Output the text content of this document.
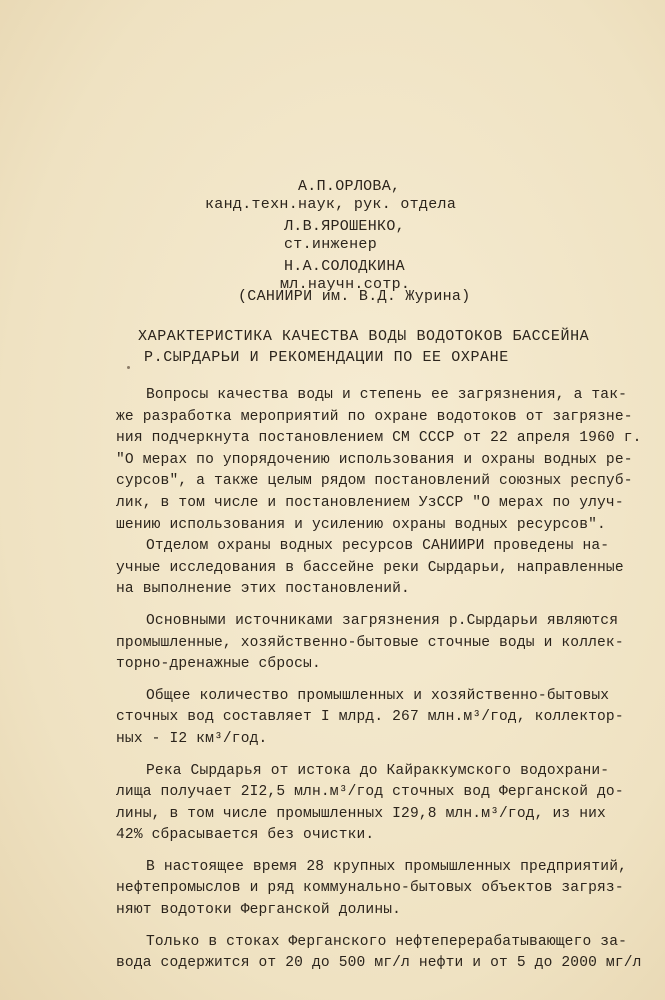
А.П.ОРЛОВА,
канд.техн.наук, рук. отдела
Л.В.ЯРОШЕНКО,
ст.инженер
Н.А.СОЛОДКИНА
мл.научн.сотр.
(САНИИРИ им. В.Д. Журина)
ХАРАКТЕРИСТИКА КАЧЕСТВА ВОДЫ ВОДОТОКОВ БАССЕЙНА
Р.СЫРДАРЬИ И РЕКОМЕНДАЦИИ ПО ЕЕ ОХРАНЕ
Вопросы качества воды и степень ее загрязнения, а так-
же разработка мероприятий по охране водотоков от загрязне-
ния подчеркнута постановлением СМ СССР от 22 апреля 1960 г.
"О мерах по упорядочению использования и охраны водных ре-
сурсов", а также целым рядом постановлений союзных респуб-
лик, в том числе и постановлением УзССР "О мерах по улуч-
шению использования и усилению охраны водных ресурсов".
Отделом охраны водных ресурсов САНИИРИ проведены на-
учные исследования в бассейне реки Сырдарьи, направленные
на выполнение этих постановлений.
Основными источниками загрязнения р.Сырдарьи являются
промышленные, хозяйственно-бытовые сточные воды и коллек-
торно-дренажные сбросы.
Общее количество промышленных и хозяйственно-бытовых
сточных вод составляет I млрд. 267 млн.м³/год, коллектор-
ных - I2 км³/год.
Река Сырдарья от истока до Кайраккумского водохрани-
лища получает 2I2,5 млн.м³/год сточных вод Ферганской до-
лины, в том числе промышленных I29,8 млн.м³/год, из них
42% сбрасывается без очистки.
В настоящее время 28 крупных промышленных предприятий,
нефтепромыслов и ряд коммунально-бытовых объектов загряз-
няют водотоки Ферганской долины.
Только в стоках Ферганского нефтеперерабатывающего за-
вода содержится от 20 до 500 мг/л нефти и от 5 до 2000 мг/л
